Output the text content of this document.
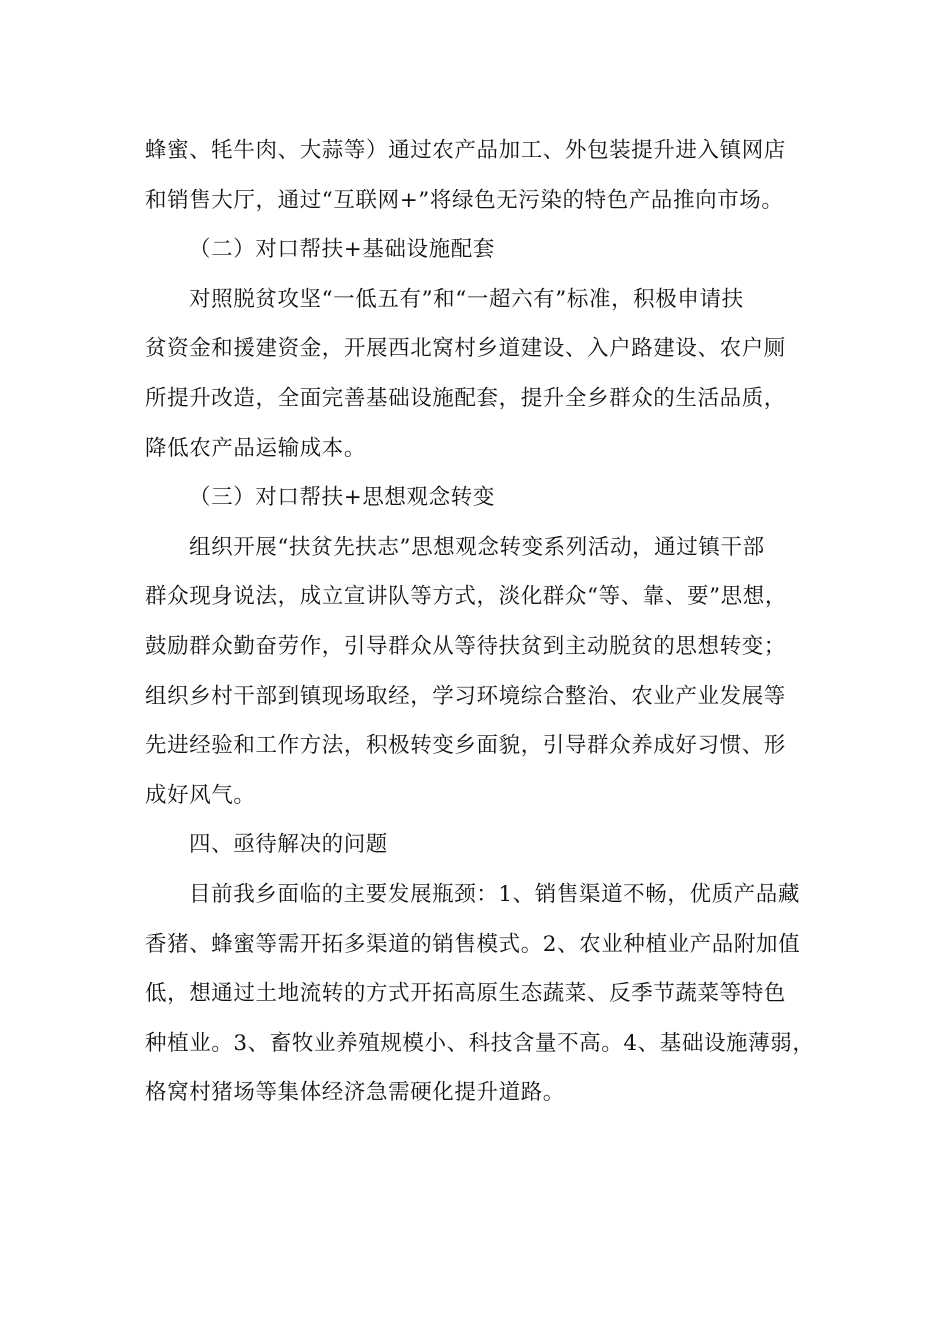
蜂蜜、牦牛肉、大蒜等）通过农产品加工、外包装提升进入镇网店
和销售大厅，通过“互联网+”将绿色无污染的特色产品推向市场。
（二）对口帮扶+基础设施配套
对照脱贫攻坚“一低五有”和“一超六有”标准，积极申请扶
贫资金和援建资金，开展西北窝村乡道建设、入户路建设、农户厕
所提升改造，全面完善基础设施配套，提升全乡群众的生活品质，
降低农产品运输成本。
（三）对口帮扶+思想观念转变
组织开展“扶贫先扶志”思想观念转变系列活动，通过镇干部
群众现身说法，成立宣讲队等方式，淡化群众“等、靠、要”思想，
鼓励群众勤奋劳作，引导群众从等待扶贫到主动脱贫的思想转变；
组织乡村干部到镇现场取经，学习环境综合整治、农业产业发展等
先进经验和工作方法，积极转变乡面貌，引导群众养成好习惯、形
成好风气。
四、亟待解决的问题
目前我乡面临的主要发展瓶颈：1、销售渠道不畅，优质产品藏
香猪、蜂蜜等需开拓多渠道的销售模式。2、农业种植业产品附加值
低，想通过土地流转的方式开拓高原生态蔬菜、反季节蔬菜等特色
种植业。3、畜牧业养殖规模小、科技含量不高。4、基础设施薄弱，
格窝村猪场等集体经济急需硬化提升道路。
